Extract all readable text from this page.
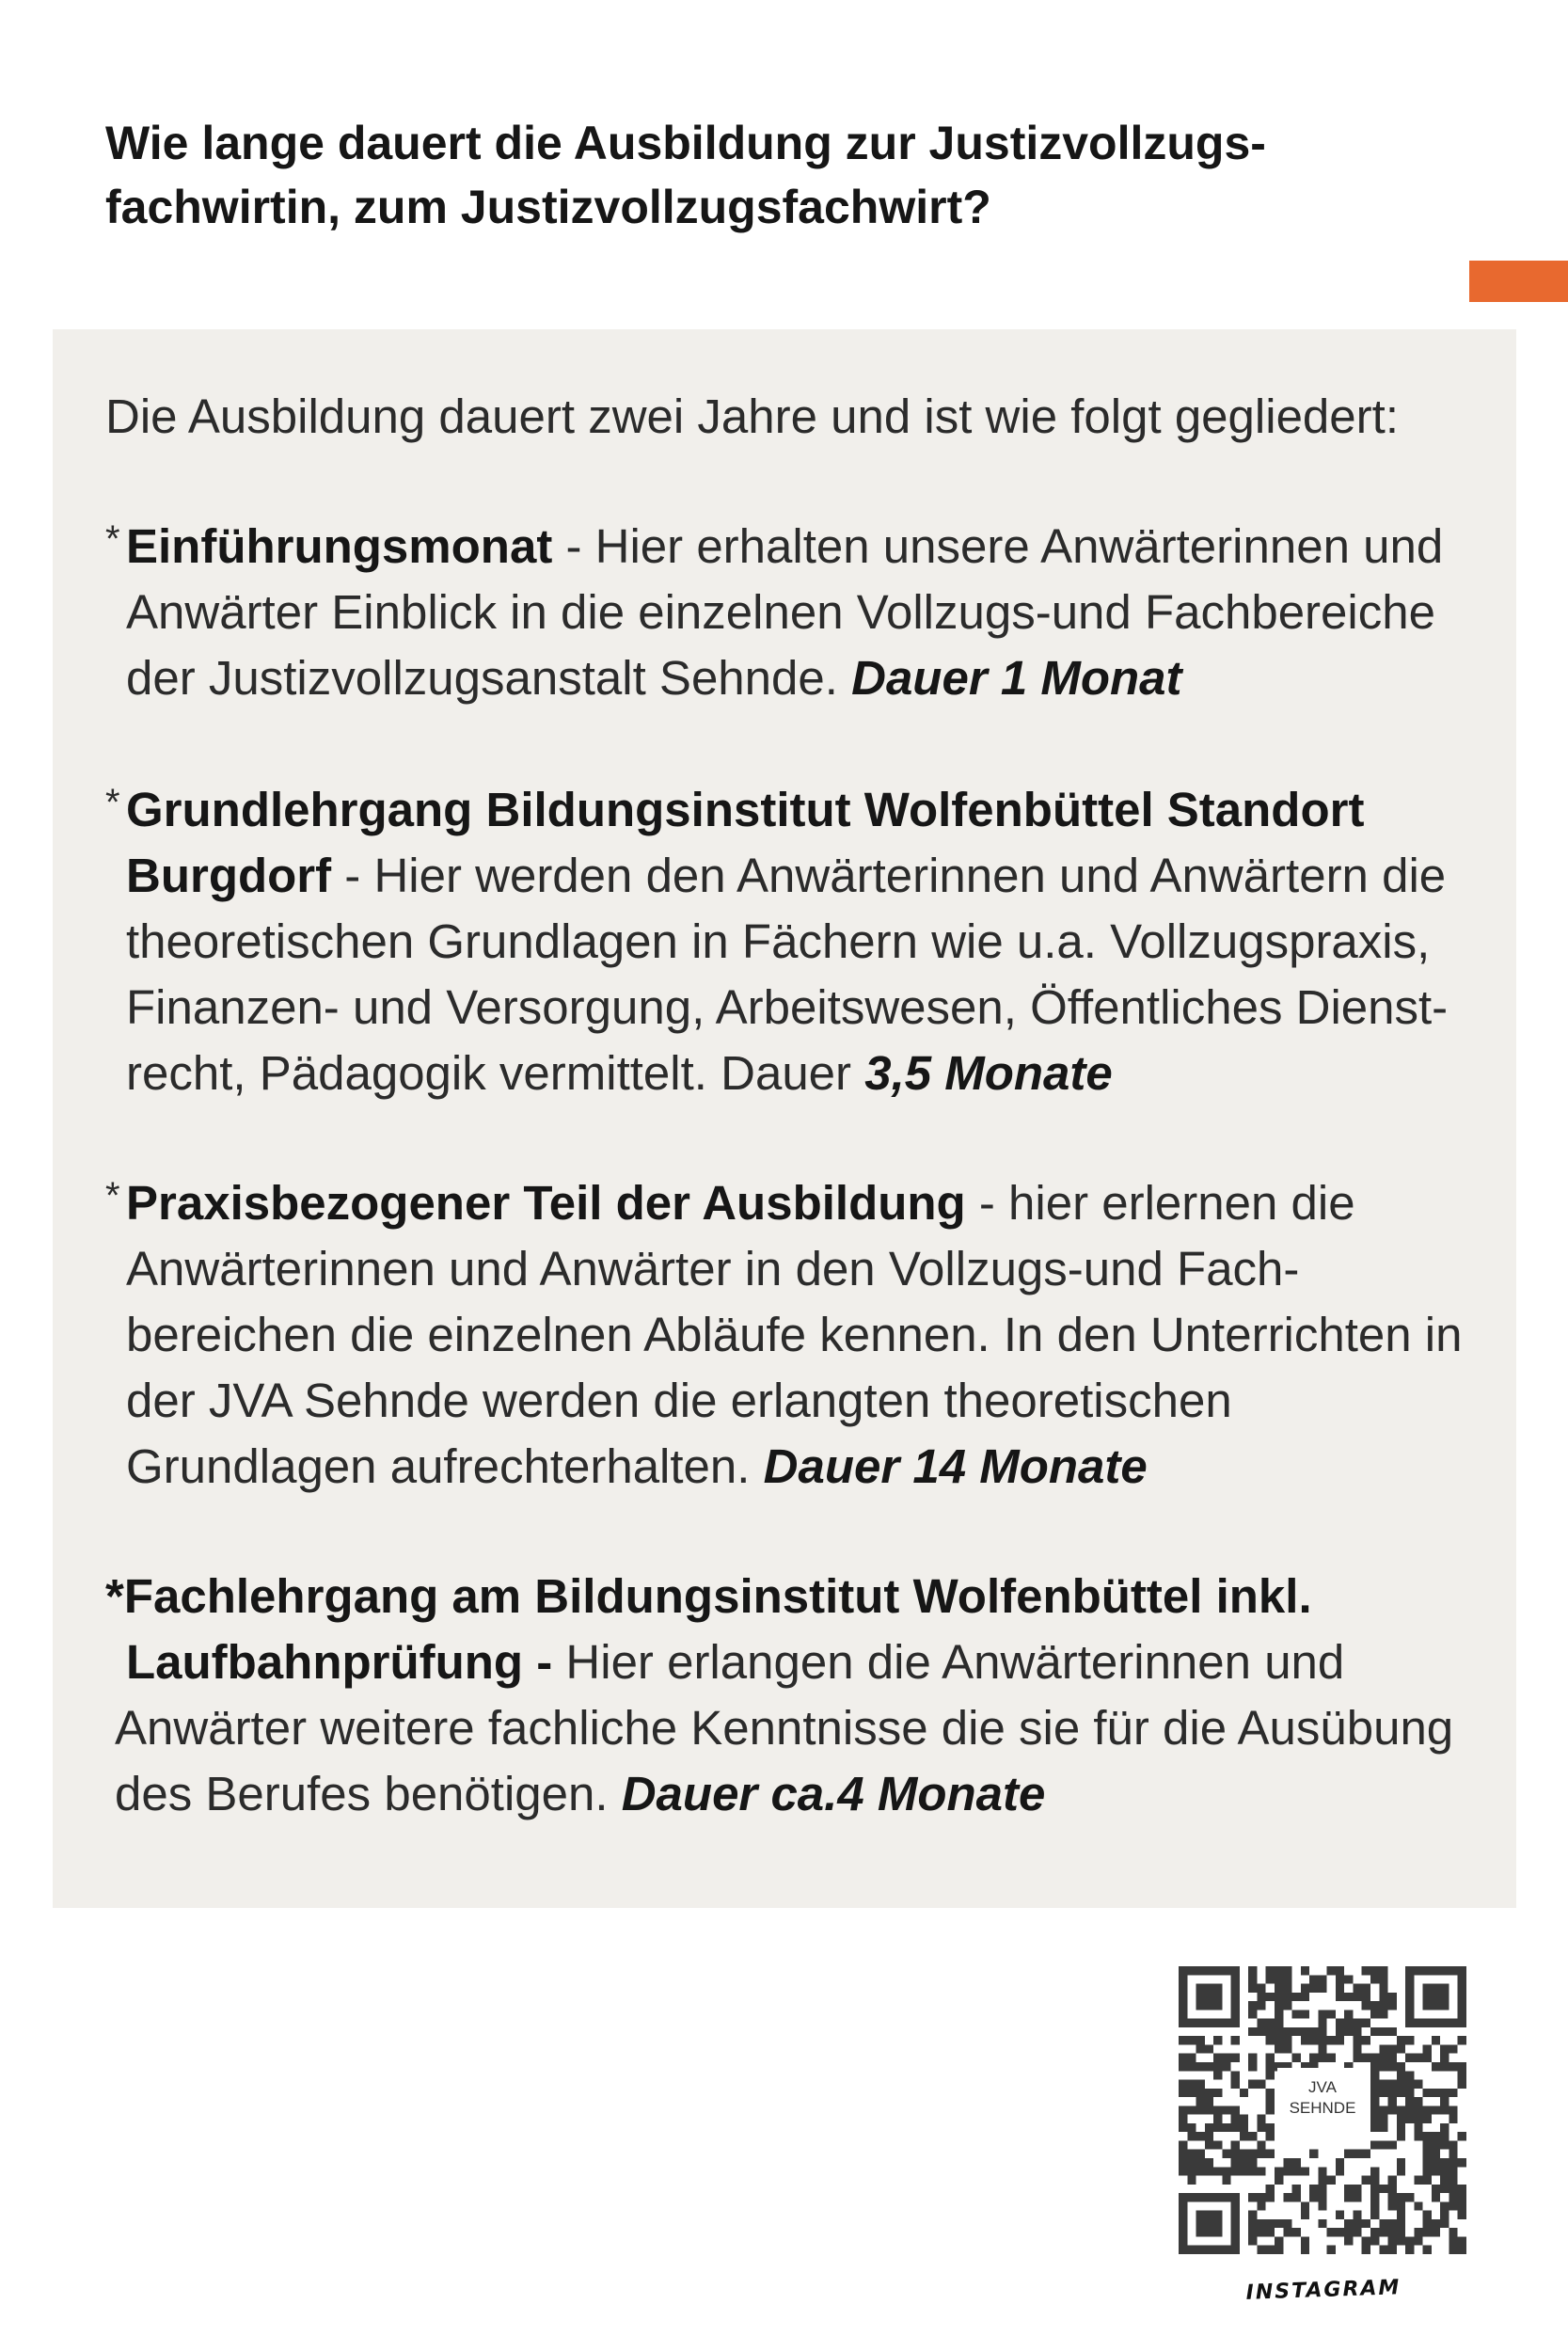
Wie lange dauert die Ausbildung zur Justizvollzugs-
fachwirtin, zum Justizvollzugsfachwirt?

Die Ausbildung dauert zwei Jahre und ist wie folgt gegliedert:

* Einführungsmonat - Hier erhalten unsere Anwärterinnen und
Anwärter Einblick in die einzelnen Vollzugs-und Fachbereiche
der Justizvollzugsanstalt Sehnde. Dauer 1 Monat
* Grundlehrgang Bildungsinstitut Wolfenbüttel Standort
Burgdorf - Hier werden den Anwärterinnen und Anwärtern die
theoretischen Grundlagen in Fächern wie u.a. Vollzugspraxis,
Finanzen- und Versorgung, Arbeitswesen, Öffentliches Dienst-
recht, Pädagogik vermittelt. Dauer 3,5 Monate
* Praxisbezogener Teil der Ausbildung - hier erlernen die
Anwärterinnen und Anwärter in den Vollzugs-und Fach-
bereichen die einzelnen Abläufe kennen. In den Unterrichten in
der JVA Sehnde werden die erlangten theoretischen
Grundlagen aufrechterhalten. Dauer 14 Monate
*Fachlehrgang am Bildungsinstitut Wolfenbüttel inkl.
Laufbahnprüfung - Hier erlangen die Anwärterinnen und
Anwärter weitere fachliche Kenntnisse die sie für die Ausübung
des Berufes benötigen. Dauer ca.4 Monate
JVA
SEHNDE
INSTAGRAM
